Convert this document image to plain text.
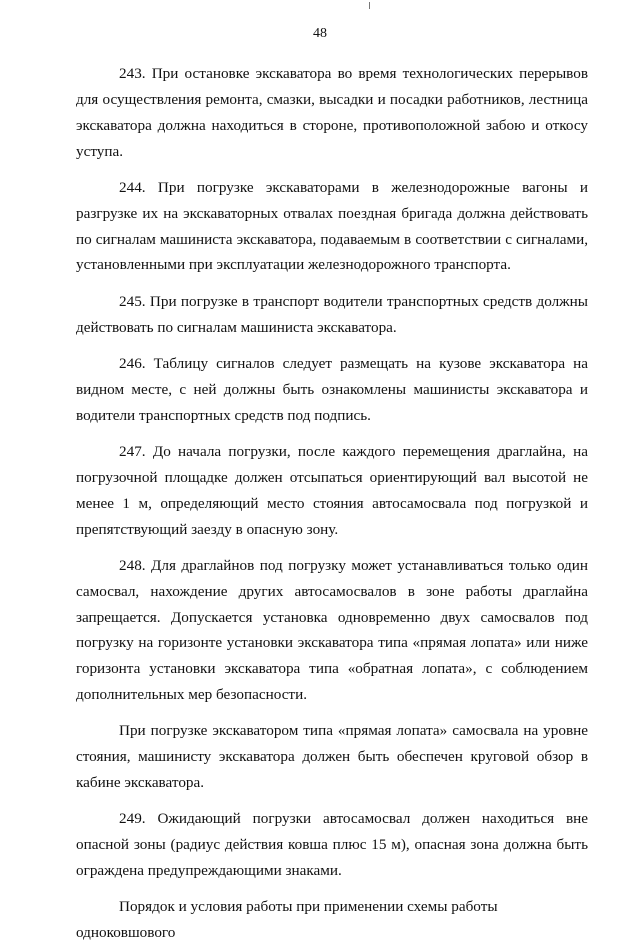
48

243. При остановке экскаватора во время технологических перерывов для осуществления ремонта, смазки, высадки и посадки работников, лестница экскаватора должна находиться в стороне, противоположной забою и откосу уступа.

244. При погрузке экскаваторами в железнодорожные вагоны и разгрузке их на экскаваторных отвалах поездная бригада должна действовать по сигналам машиниста экскаватора, подаваемым в соответствии с сигналами, установленными при эксплуатации железнодорожного транспорта.

245. При погрузке в транспорт водители транспортных средств должны действовать по сигналам машиниста экскаватора.

246. Таблицу сигналов следует размещать на кузове экскаватора на видном месте, с ней должны быть ознакомлены машинисты экскаватора и водители транспортных средств под подпись.

247. До начала погрузки, после каждого перемещения драглайна, на погрузочной площадке должен отсыпаться ориентирующий вал высотой не менее 1 м, определяющий место стояния автосамосвала под погрузкой и препятствующий заезду в опасную зону.

248. Для драглайнов под погрузку может устанавливаться только один самосвал, нахождение других автосамосвалов в зоне работы драглайна запрещается. Допускается установка одновременно двух самосвалов под погрузку на горизонте установки экскаватора типа «прямая лопата» или ниже горизонта установки экскаватора типа «обратная лопата», с соблюдением дополнительных мер безопасности.

При погрузке экскаватором типа «прямая лопата» самосвала на уровне стояния, машинисту экскаватора должен быть обеспечен круговой обзор в кабине экскаватора.

249. Ожидающий погрузки автосамосвал должен находиться вне опасной зоны (радиус действия ковша плюс 15 м), опасная зона должна быть ограждена предупреждающими знаками.

Порядок и условия работы при применении схемы работы одноковшового
